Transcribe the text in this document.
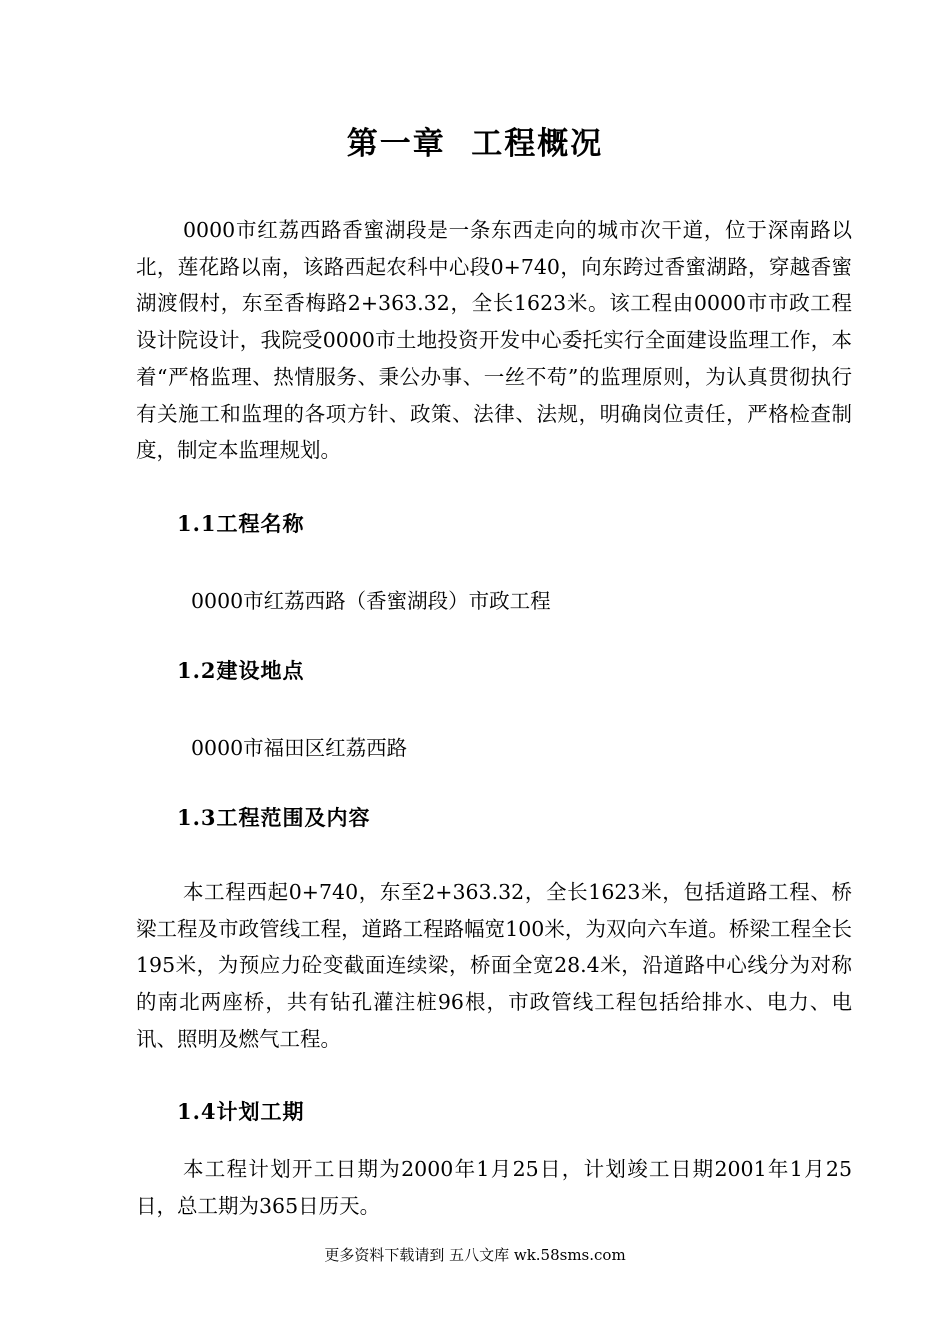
第一章  工程概况

0000市红荔西路香蜜湖段是一条东西走向的城市次干道，位于深南路以北，莲花路以南，该路西起农科中心段0+740，向东跨过香蜜湖路，穿越香蜜湖渡假村，东至香梅路2+363.32，全长1623米。该工程由0000市市政工程设计院设计，我院受0000市土地投资开发中心委托实行全面建设监理工作，本着“严格监理、热情服务、秉公办事、一丝不苟”的监理原则，为认真贯彻执行有关施工和监理的各项方针、政策、法律、法规，明确岗位责任，严格检查制度，制定本监理规划。

1.1工程名称

0000市红荔西路（香蜜湖段）市政工程

1.2建设地点

0000市福田区红荔西路

1.3工程范围及内容

本工程西起0+740，东至2+363.32，全长1623米，包括道路工程、桥梁工程及市政管线工程，道路工程路幅宽100米，为双向六车道。桥梁工程全长195米，为预应力砼变截面连续梁，桥面全宽28.4米，沿道路中心线分为对称的南北两座桥，共有钻孔灌注桩96根，市政管线工程包括给排水、电力、电讯、照明及燃气工程。

1.4计划工期

本工程计划开工日期为2000年1月25日，计划竣工日期2001年1月25日，总工期为365日历天。

更多资料下载请到 五八文库 wk.58sms.com
